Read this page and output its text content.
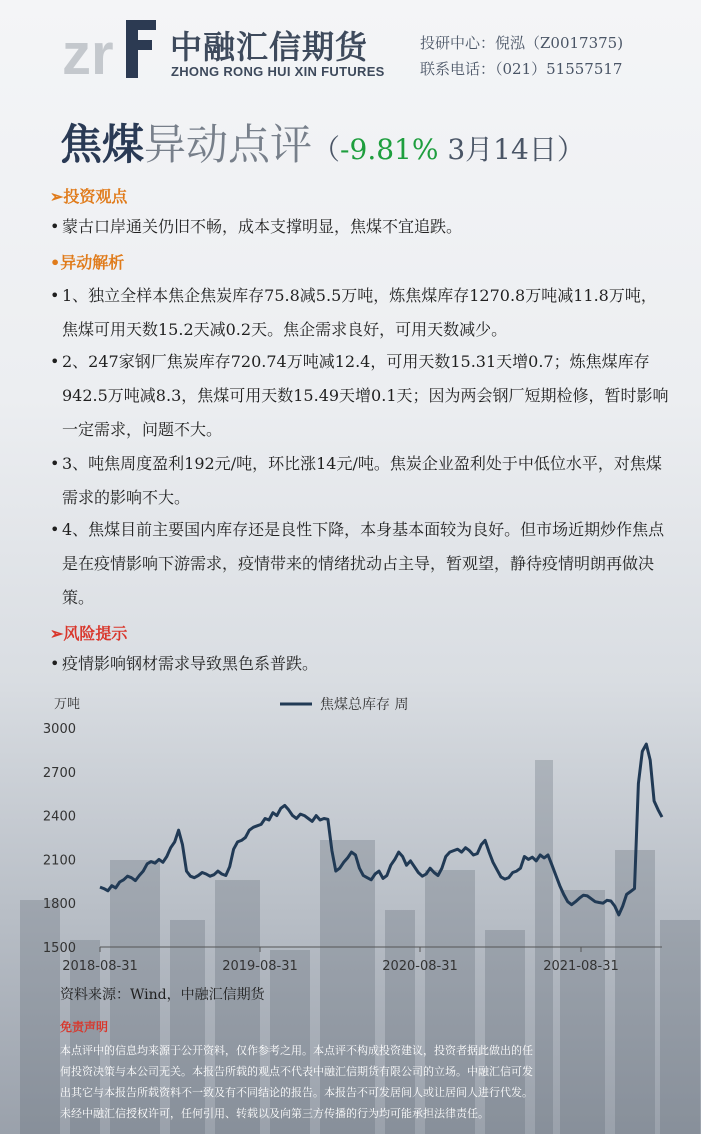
zr 中融汇信期货
ZHONG RONG HUI XIN FUTURES
投研中心：倪泓（Z0017375)
联系电话：（021）51557517
焦煤异动点评（-9.81% 3月14日）
➢投资观点
• 蒙古口岸通关仍旧不畅，成本支撑明显，焦煤不宜追跌。
•异动解析
• 1、独立全样本焦企焦炭库存75.8减5.5万吨，炼焦煤库存1270.8万吨减11.8万吨，焦煤可用天数15.2天减0.2天。焦企需求良好，可用天数减少。
• 2、247家钢厂焦炭库存720.74万吨减12.4，可用天数15.31天增0.7；炼焦煤库存942.5万吨减8.3，焦煤可用天数15.49天增0.1天；因为两会钢厂短期检修，暂时影响一定需求，问题不大。
• 3、吨焦周度盈利192元/吨，环比涨14元/吨。焦炭企业盈利处于中低位水平，对焦煤需求的影响不大。
• 4、焦煤目前主要国内库存还是良性下降，本身基本面较为良好。但市场近期炒作焦点是在疫情影响下游需求，疫情带来的情绪扰动占主导，暂观望，静待疫情明朗再做决策。
➢风险提示
• 疫情影响钢材需求导致黑色系普跌。
万吨
3000
2700
2400
2100
1800
1500
2018-08-31	2019-08-31	2020-08-31	2021-08-31
焦煤总库存 周
资料来源：Wind，中融汇信期货
免责声明
本点评中的信息均来源于公开资料，仅作参考之用。本点评不构成投资建议，投资者据此做出的任
何投资决策与本公司无关。本报告所载的观点不代表中融汇信期货有限公司的立场。中融汇信可发
出其它与本报告所载资料不一致及有不同结论的报告。本报告不可发居间人或让居间人进行代发。
未经中融汇信授权许可，任何引用、转载以及向第三方传播的行为均可能承担法律责任。
